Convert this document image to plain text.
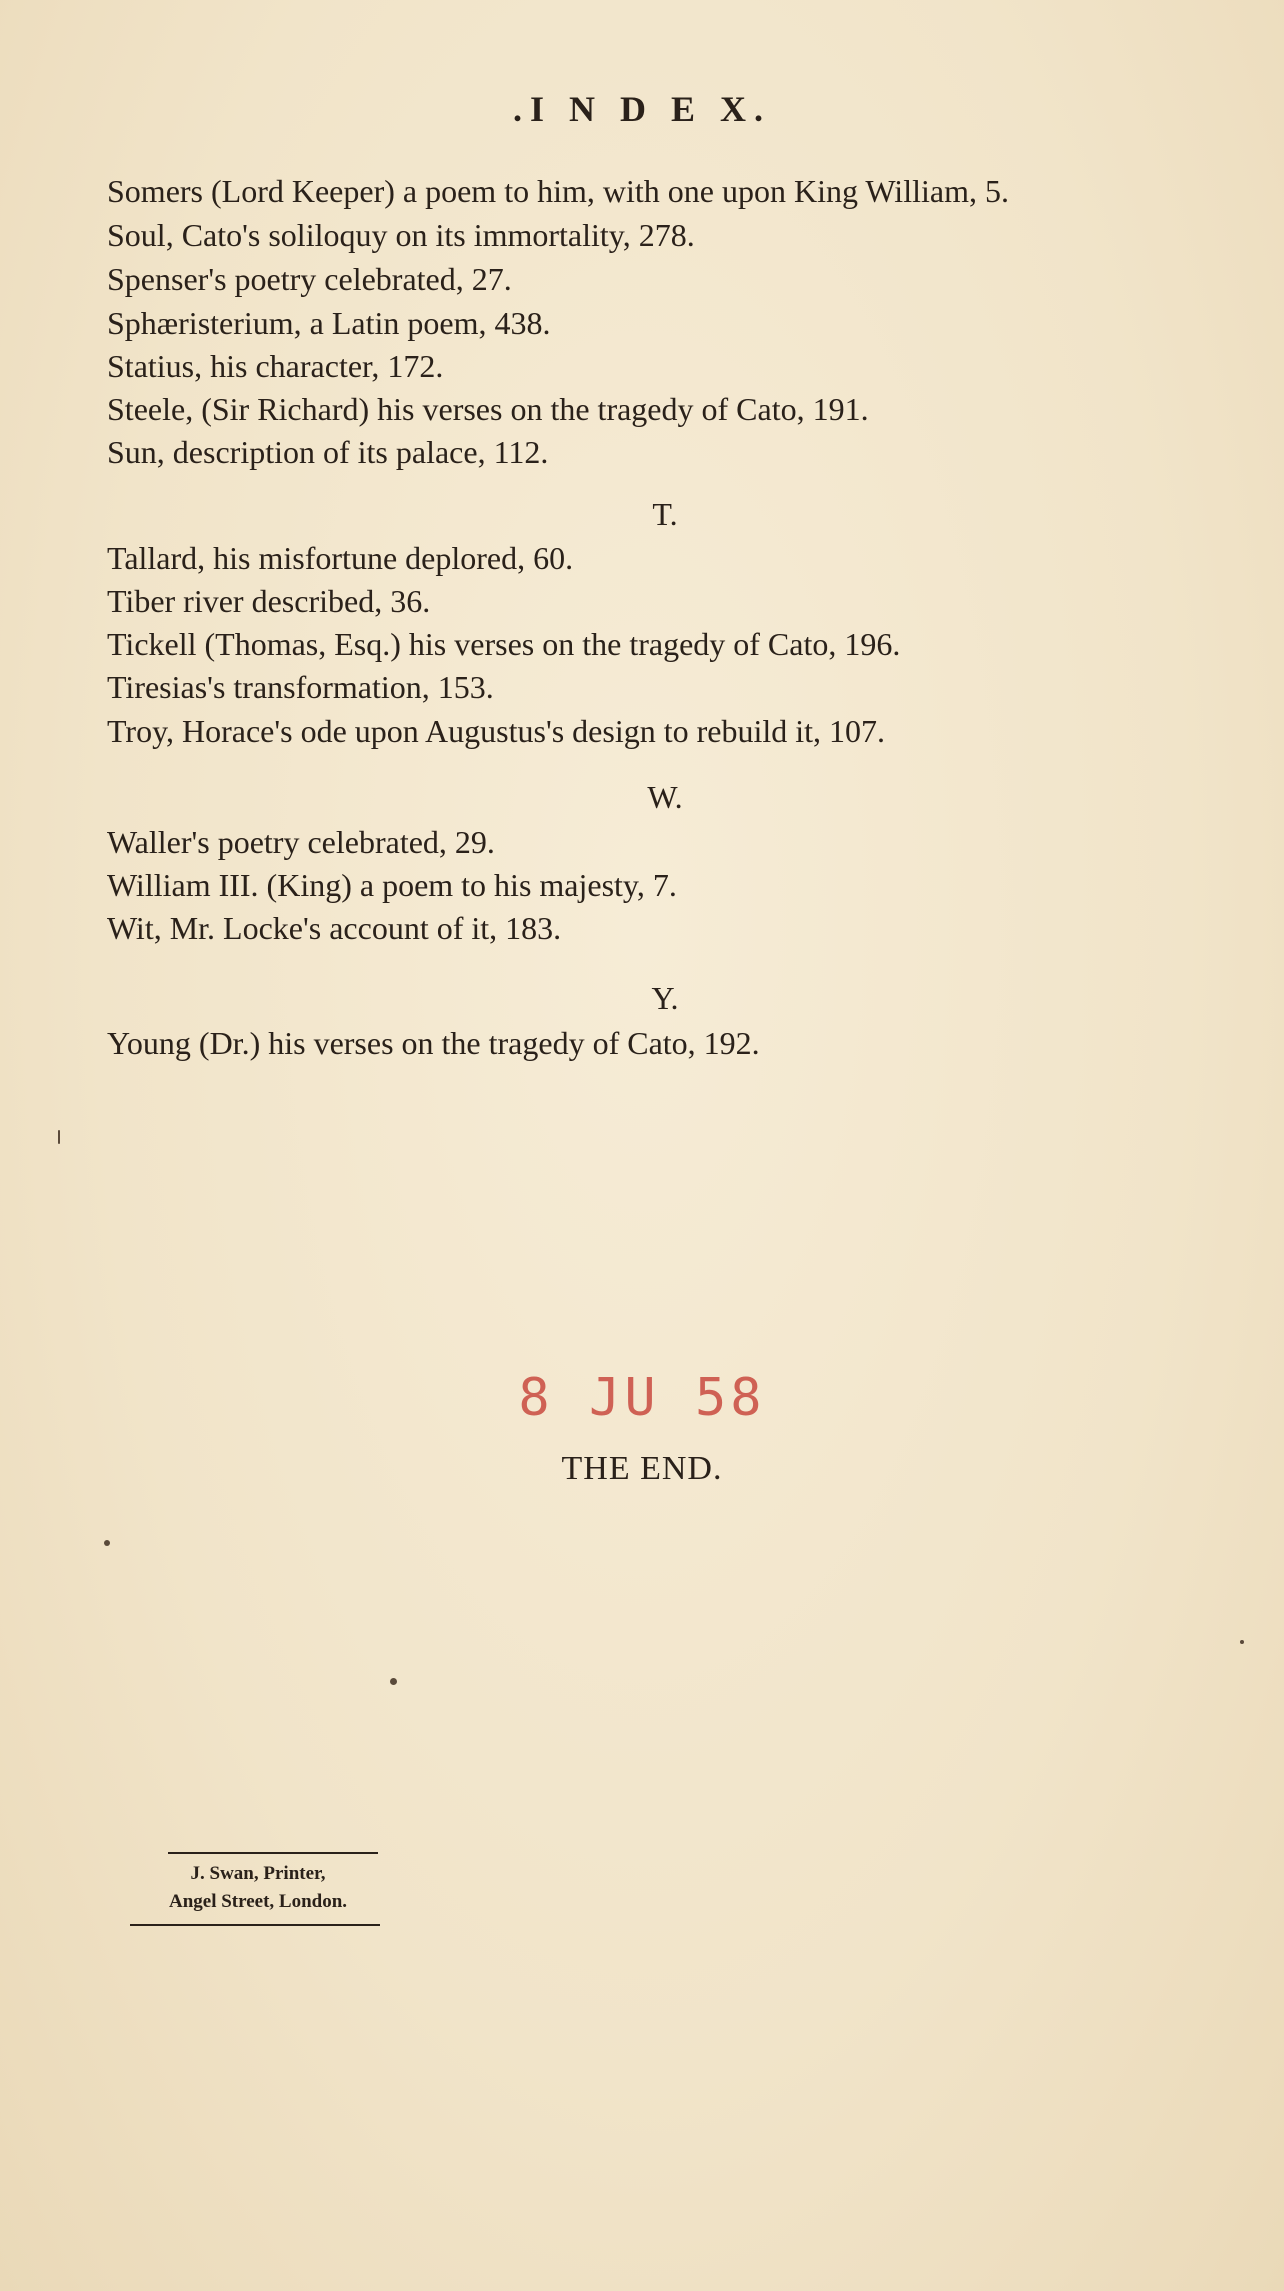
.I N D E X.
Somers (Lord Keeper) a poem to him, with one upon King William, 5.
Soul, Cato's soliloquy on its immortality, 278.
Spenser's poetry celebrated, 27.
Sphæristerium, a Latin poem, 438.
Statius, his character, 172.
Steele, (Sir Richard) his verses on the tragedy of Cato, 191.
Sun, description of its palace, 112.
T.
Tallard, his misfortune deplored, 60.
Tiber river described, 36.
Tickell (Thomas, Esq.) his verses on the tragedy of Cato, 196.
Tiresias's transformation, 153.
Troy, Horace's ode upon Augustus's design to rebuild it, 107.
W.
Waller's poetry celebrated, 29.
William III. (King) a poem to his majesty, 7.
Wit, Mr. Locke's account of it, 183.
Y.
Young (Dr.) his verses on the tragedy of Cato, 192.
8 JU 58
THE END.
J. Swan, Printer,
Angel Street, London.
